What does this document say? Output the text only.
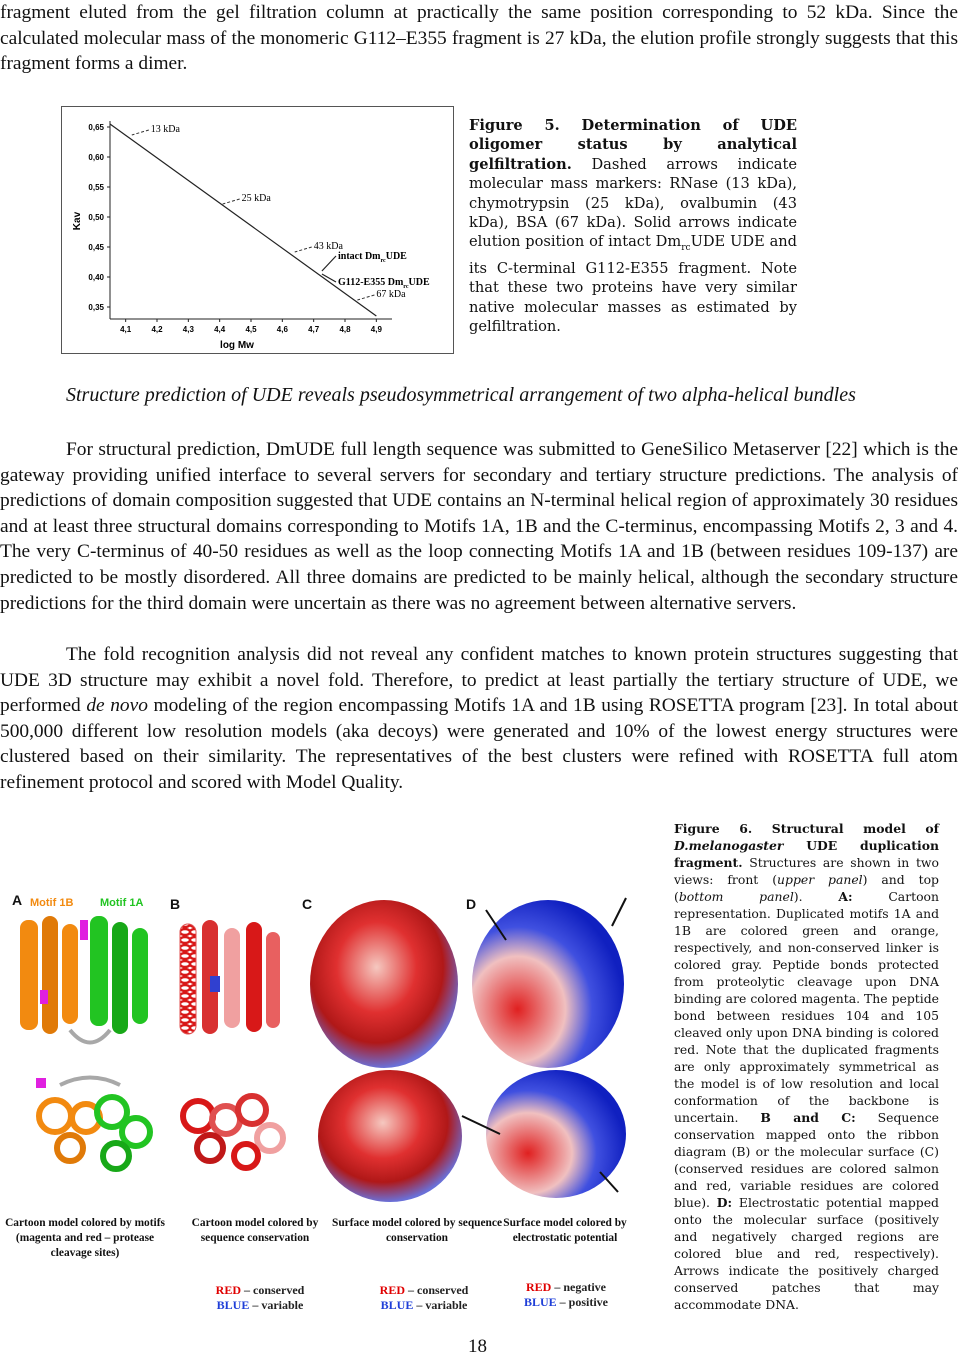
fragment eluted from the gel filtration column at practically the same position corresponding to 52 kDa. Since the calculated molecular mass of the monomeric G112–E355 fragment is 27 kDa, the elution profile strongly suggests that this fragment forms a dimer.

0,35
0,40
0,45
0,50
0,55
0,60
0,65
4,1	4,2	4,3	4,4	4,5	4,6	4,7	4,8	4,9
13 kDa
25 kDa
43 kDa
67 kDa
Kav
log Mw
intact $Dm_{rc}UDE$
G112-E355 $Dm_{rc}UDE$

Figure 5. Determination of UDE oligomer status by analytical gelfiltration. Dashed arrows indicate molecular mass markers: RNase (13 kDa), chymotrypsin (25 kDa), ovalbumin (43 kDa), BSA (67 kDa). Solid arrows indicate elution position of intact $Dm_{rc}UDE$ UDE and its C-terminal G112-E355 fragment. Note that these two proteins have very similar native molecular masses as estimated by gelfiltration.

Structure prediction of UDE reveals pseudosymmetrical arrangement of two alpha-helical bundles

For structural prediction, DmUDE full length sequence was submitted to GeneSilico Metaserver [22] which is the gateway providing unified interface to several servers for secondary and tertiary structure predictions. The analysis of predictions of domain composition suggested that UDE contains an N-terminal helical region of approximately 30 residues and at least three structural domains corresponding to Motifs 1A, 1B and the C-terminus, encompassing Motifs 2, 3 and 4. The very C-terminus of 40-50 residues as well as the loop connecting Motifs 1A and 1B (between residues 109-137) are predicted to be mostly disordered. All three domains are predicted to be mainly helical, although the secondary structure predictions for the third domain were uncertain as there was no agreement between alternative servers.

The fold recognition analysis did not reveal any confident matches to known protein structures suggesting that UDE 3D structure may exhibit a novel fold. Therefore, to predict at least partially the tertiary structure of UDE, we performed de novo modeling of the region encompassing Motifs 1A and 1B using ROSETTA program [23]. In total about 500,000 different low resolution models (aka decoys) were generated and 10% of the lowest energy structures were clustered based on their similarity. The representatives of the best clusters were refined with ROSETTA full atom refinement protocol and scored with Model Quality.

Figure 6. Structural model of D.melanogaster UDE duplication fragment. Structures are shown in two views: front (upper panel) and top (bottom panel). A: Cartoon representation. Duplicated motifs 1A and 1B are colored green and orange, respectively, and non-conserved linker is colored gray. Peptide bonds protected from proteolytic cleavage upon DNA binding are colored magenta. The peptide bond between residues 104 and 105 cleaved only upon DNA binding is colored red. Note that the duplicated fragments are only approximately symmetrical as the model is of low resolution and local conformation of the backbone is uncertain. B and C: Sequence conservation mapped onto the ribbon diagram (B) or the molecular surface (C)(conserved residues are colored salmon and red, variable residues are colored blue). D: Electrostatic potential mapped onto the molecular surface (positively and negatively charged regions are colored blue and red, respectively). Arrows indicate the positively charged conserved patches that may accommodate DNA.

A	B	C	D
Motif 1B Motif 1A
Cartoon model colored by motifs (magenta and red – protease cleavage sites)
Cartoon model colored by sequence conservation
Surface model colored by sequence conservation
Surface model colored by electrostatic potential
RED – conserved
BLUE – variable
RED – conserved
BLUE – variable
RED – negative
BLUE – positive
18
